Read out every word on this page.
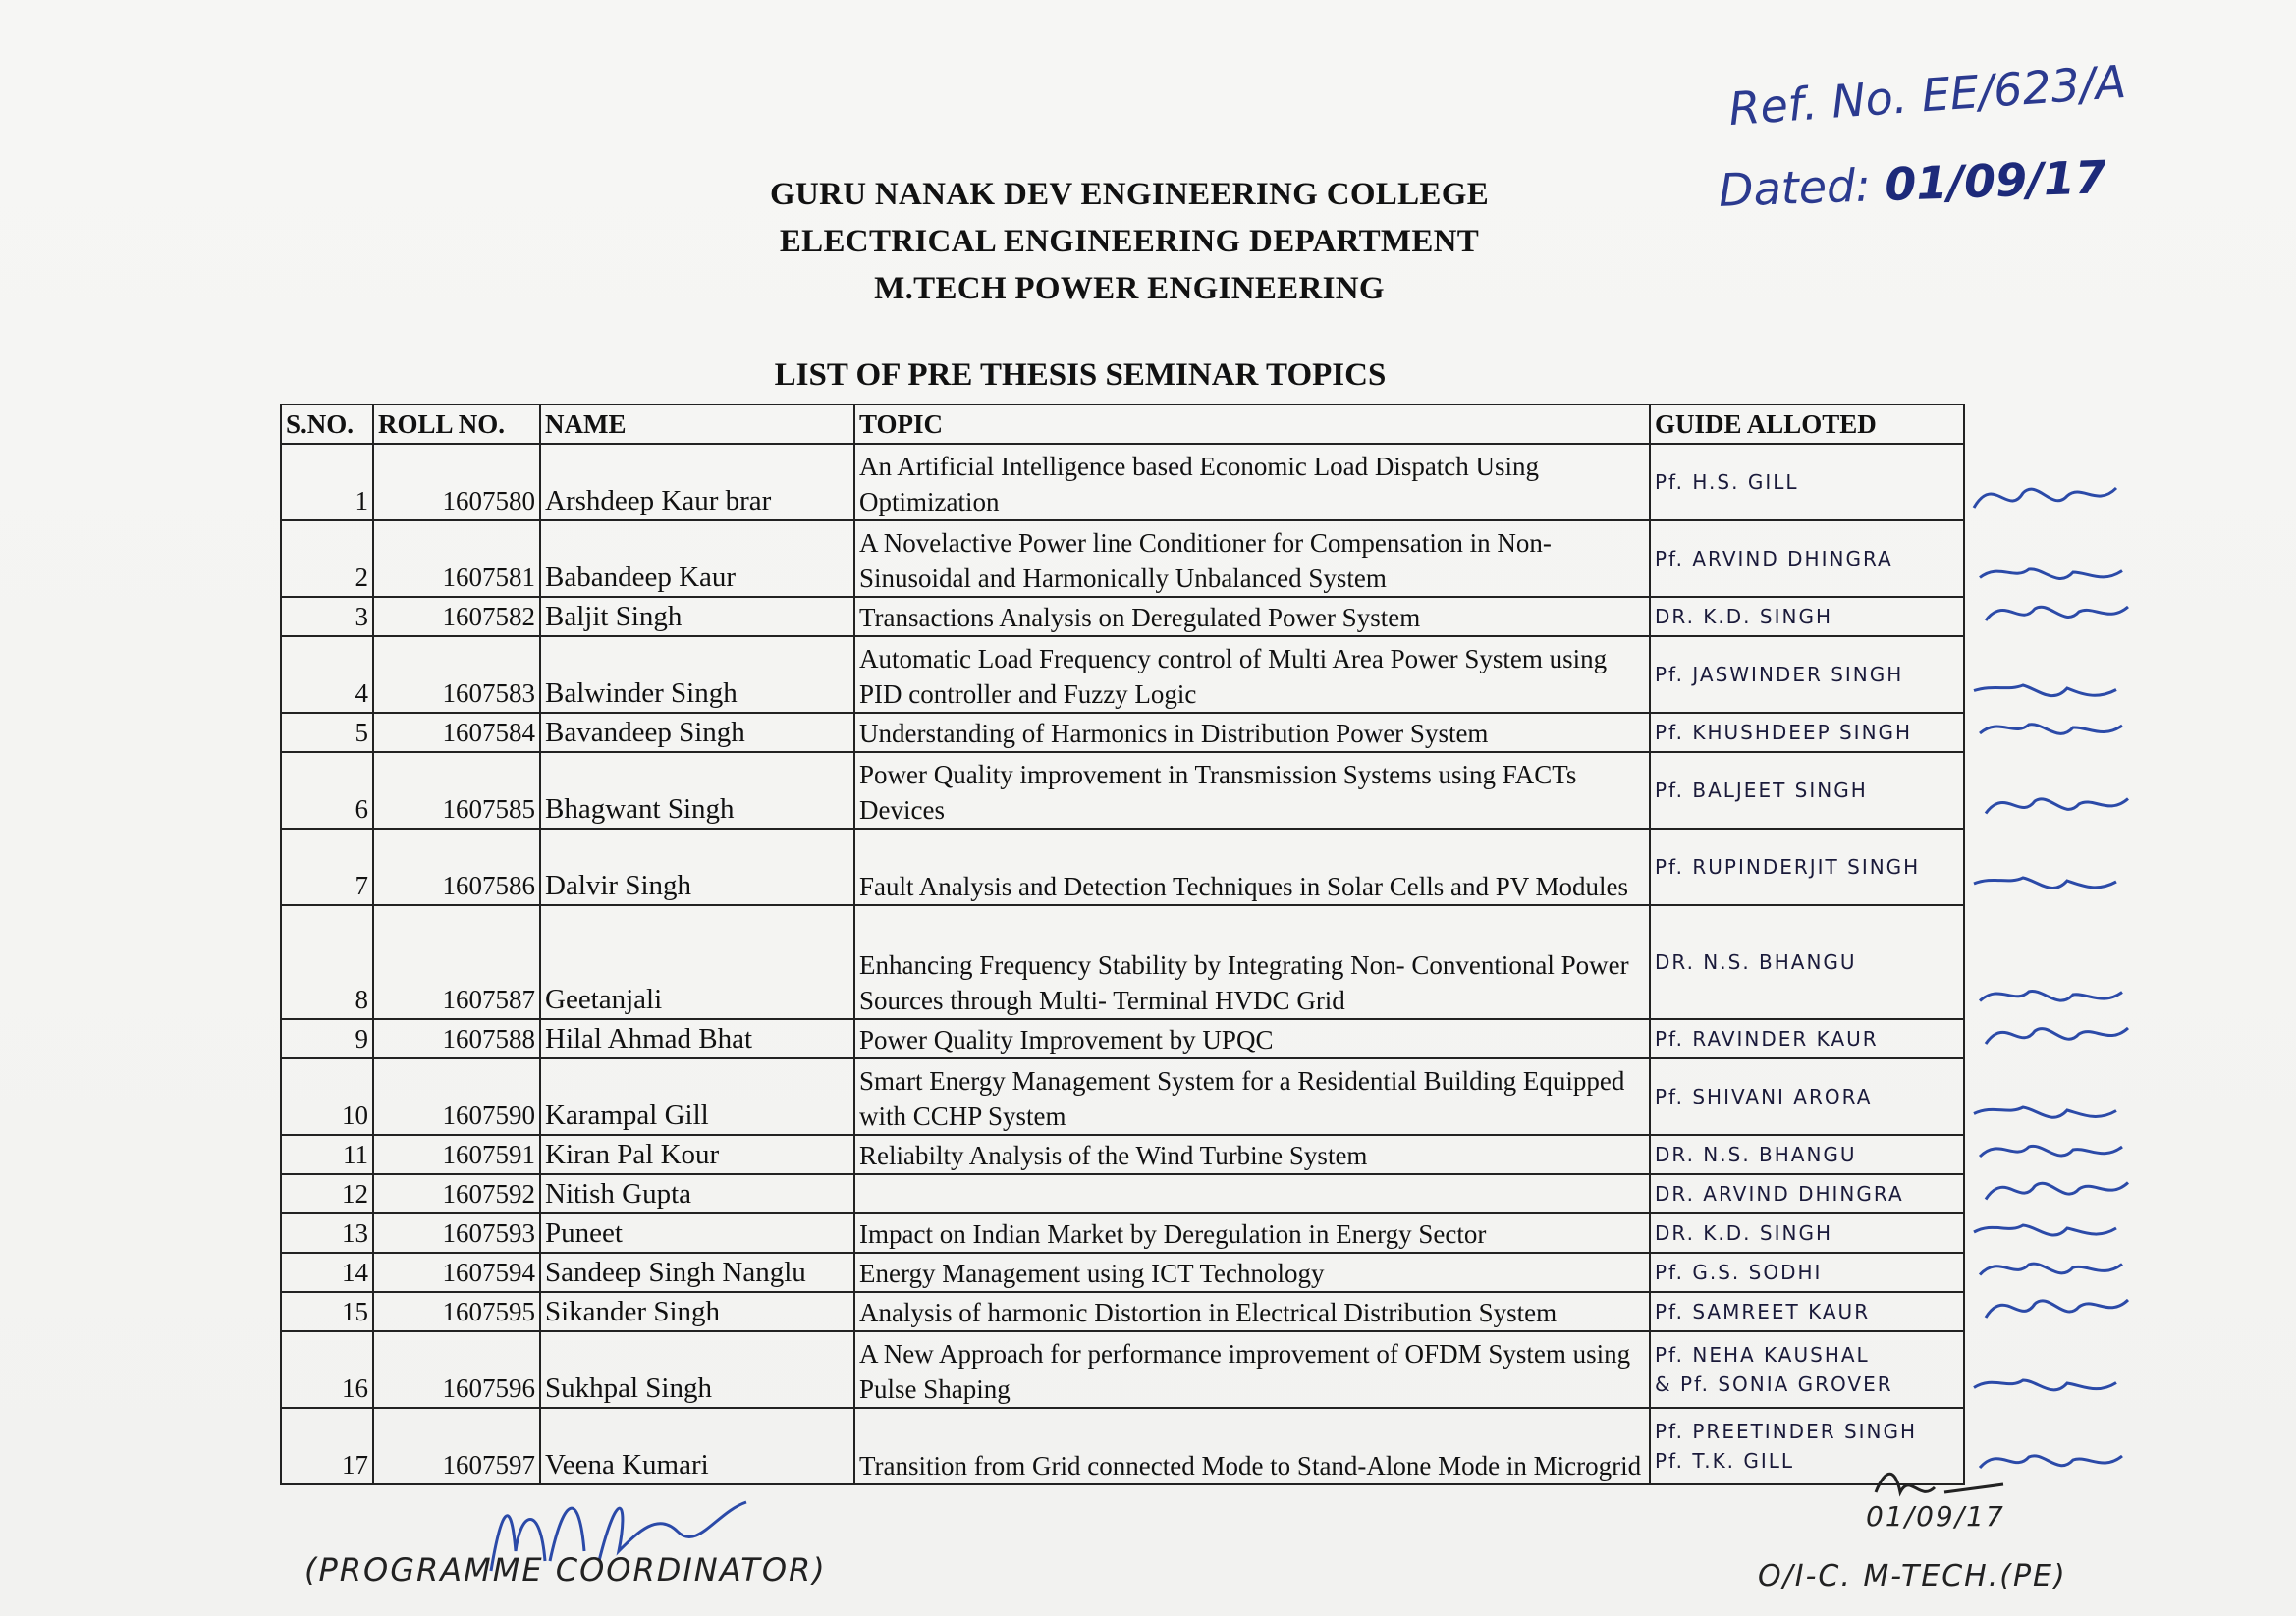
GURU NANAK DEV ENGINEERING COLLEGE
ELECTRICAL ENGINEERING DEPARTMENT
M.TECH POWER ENGINEERING
Ref. No. EE/623/A
Dated: 01/09/17
LIST OF PRE THESIS SEMINAR TOPICS
S.NO.	ROLL NO.	NAME	TOPIC	GUIDE ALLOTED
1	1607580	Arshdeep Kaur brar	An Artificial Intelligence based Economic Load Dispatch Using Optimization	Pf. H.S. GILL

2	1607581	Babandeep Kaur	A Novelactive Power line Conditioner for Compensation in Non-Sinusoidal and Harmonically Unbalanced System	Pf. ARVIND DHINGRA

3	1607582	Baljit Singh	Transactions Analysis on Deregulated Power System	DR. K.D. SINGH

4	1607583	Balwinder Singh	Automatic Load Frequency control of Multi Area Power System using PID controller and Fuzzy Logic	Pf. JASWINDER SINGH

5	1607584	Bavandeep Singh	Understanding of Harmonics in Distribution Power System	Pf. KHUSHDEEP SINGH

6	1607585	Bhagwant Singh	Power Quality improvement in Transmission Systems using FACTs Devices	Pf. BALJEET SINGH

7	1607586	Dalvir Singh	Fault Analysis and Detection Techniques in Solar Cells and PV Modules	Pf. RUPINDERJIT SINGH

8	1607587	Geetanjali	Enhancing Frequency Stability by Integrating Non- Conventional Power Sources through Multi- Terminal HVDC Grid	DR. N.S. BHANGU

9	1607588	Hilal Ahmad Bhat	Power Quality Improvement by UPQC	Pf. RAVINDER KAUR

10	1607590	Karampal Gill	Smart Energy Management System for a Residential Building Equipped with CCHP System	Pf. SHIVANI ARORA

11	1607591	Kiran Pal Kour	Reliabilty Analysis of the Wind Turbine System	DR. N.S. BHANGU

12	1607592	Nitish Gupta		DR. ARVIND DHINGRA

13	1607593	Puneet	Impact on Indian Market by Deregulation in Energy Sector	DR. K.D. SINGH

14	1607594	Sandeep Singh Nanglu	Energy Management using ICT Technology	Pf. G.S. SODHI

15	1607595	Sikander Singh	Analysis of harmonic Distortion in Electrical Distribution System	Pf. SAMREET KAUR

16	1607596	Sukhpal Singh	A New Approach for performance improvement of OFDM System using Pulse Shaping	Pf. NEHA KAUSHAL
& Pf. SONIA GROVER

17	1607597	Veena Kumari	Transition from Grid connected Mode to Stand-Alone Mode in Microgrid	Pf. PREETINDER SINGH
Pf. T.K. GILL
(PROGRAMME COORDINATOR)
01/09/17
O/I-C. M-TECH.(PE)
